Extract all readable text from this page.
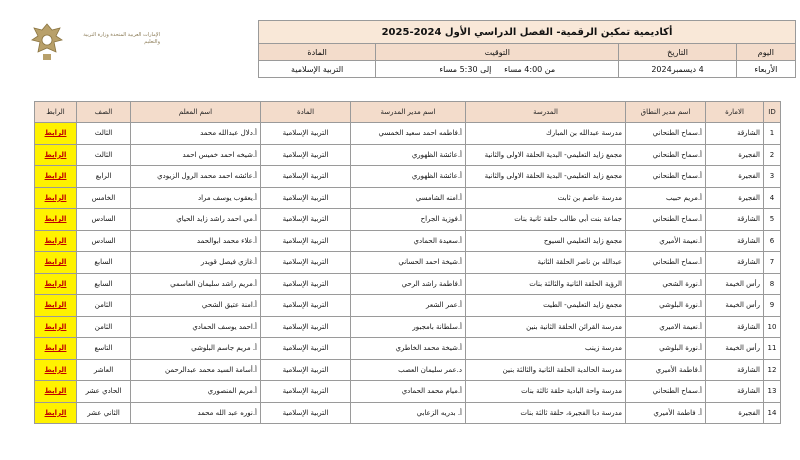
الإمارات العربية المتحدة وزارة التربية والتعليم
أكاديمية تمكين الرقمية- الفصل الدراسي الأول 2024-2025			
اليوم	التاريخ	التوقيت	المادة
الأربعاء	4 ديسمبر2024	من 4:00 مساء     إلى 5:30 مساء	التربية الإسلامية
ID	الامارة	اسم مدير النطاق	المدرسة	اسم مدير المدرسة	المادة	اسم المعلم	الصف	الرابط
1	الشارقة	أ.سماح الطنحاني	مدرسة عبدالله بن المبارك	أ.فاطمه احمد سعيد الخمسي	التربية الإسلامية	أ.دلال عبدالله محمد	الثالث	الرابط
2	الفجيرة	أ.سماح الطنحاني	مجمع زايد التعليمي- البدية الحلقة الاولى والثانية	أ.عائشة الظهوري	التربية الإسلامية	أ.شيخه احمد خميس احمد	الثالث	الرابط
3	الفجيرة	أ.سماح الطنحاني	مجمع زايد التعليمي- البدية الحلقة الاولى والثانية	أ.عائشة الظهوري	التربية الإسلامية	أ.عائشه احمد محمد الرول الزيودي	الرابع	الرابط
4	الفجيرة	أ.مريم حبيب	مدرسة عاصم بن ثابت	أ.امنه الشامسي	التربية الإسلامية	أ.يعقوب يوسف مراد	الخامس	الرابط
5	الشارقة	أ.سماح الطنحاني	جماعة بنت أبي طالب حلقة ثانية بنات	أ.فوزية الجراح	التربية الإسلامية	أ.مي احمد راشد زايد الحياي	السادس	الرابط
6	الشارقة	أ.نعيمة الأميري	مجمع زايد التعليمي السيوح	أ.سعيدة الحمادي	التربية الإسلامية	أ.علاء محمد ابوالحمد	السادس	الرابط
7	الشارقة	أ.سماح الطنحاني	عبدالله بن ناصر الحلقة الثانية	أ.شيخة احمد الحساني	التربية الإسلامية	أ.غازي فيصل قويدر	السابع	الرابط
8	رأس الخيمة	أ.نورة الشحي	الرؤية الحلقة الثانية والثالثة بنات	أ.فاطمة راشد الرحي	التربية الإسلامية	أ.مريم راشد سليمان العاسمي	السابع	الرابط
9	رأس الخيمة	أ.نورة البلوشي	مجمع زايد التعليمي- الطيت	أ.عمر الشعر	التربية الإسلامية	أ.امنة عتيق الشحي	الثامن	الرابط
10	الشارقة	أ.نعيمة الاميري	مدرسة القرائن الحلقة الثانية بنين	أ.سلطانة بامجبور	التربية الإسلامية	أ.احمد يوسف الحمادي	الثامن	الرابط
11	رأس الخيمة	أ.نورة البلوشي	مدرسة زينب	أ.شيخة محمد الخاطري	التربية الإسلامية	أ. مريم جاسم البلوشي	التاسع	الرابط
12	الشارقة	أ.فاطمة الأميري	مدرسة الحالدية الحلقة الثانية والثالثة بنين	د.عمر سليمان العصب	التربية الإسلامية	أ.أسامة السيد محمد عبدالرحمن	العاشر	الرابط
13	الشارقة	أ.سماح الطنحاني	مدرسة واحة البادية حلقة ثالثة بنات	أ.ميام محمد الحمادي	التربية الإسلامية	أ.مريم المنصوري	الحادي عشر	الرابط
14	الفجيرة	أ. فاطمة الأميري	مدرسة دبا الفجيرة، حلقة ثالثة بنات	أ. بدريه الزعابي	التربية الإسلامية	أ.نوره عبد الله محمد	الثاني عشر	الرابط
